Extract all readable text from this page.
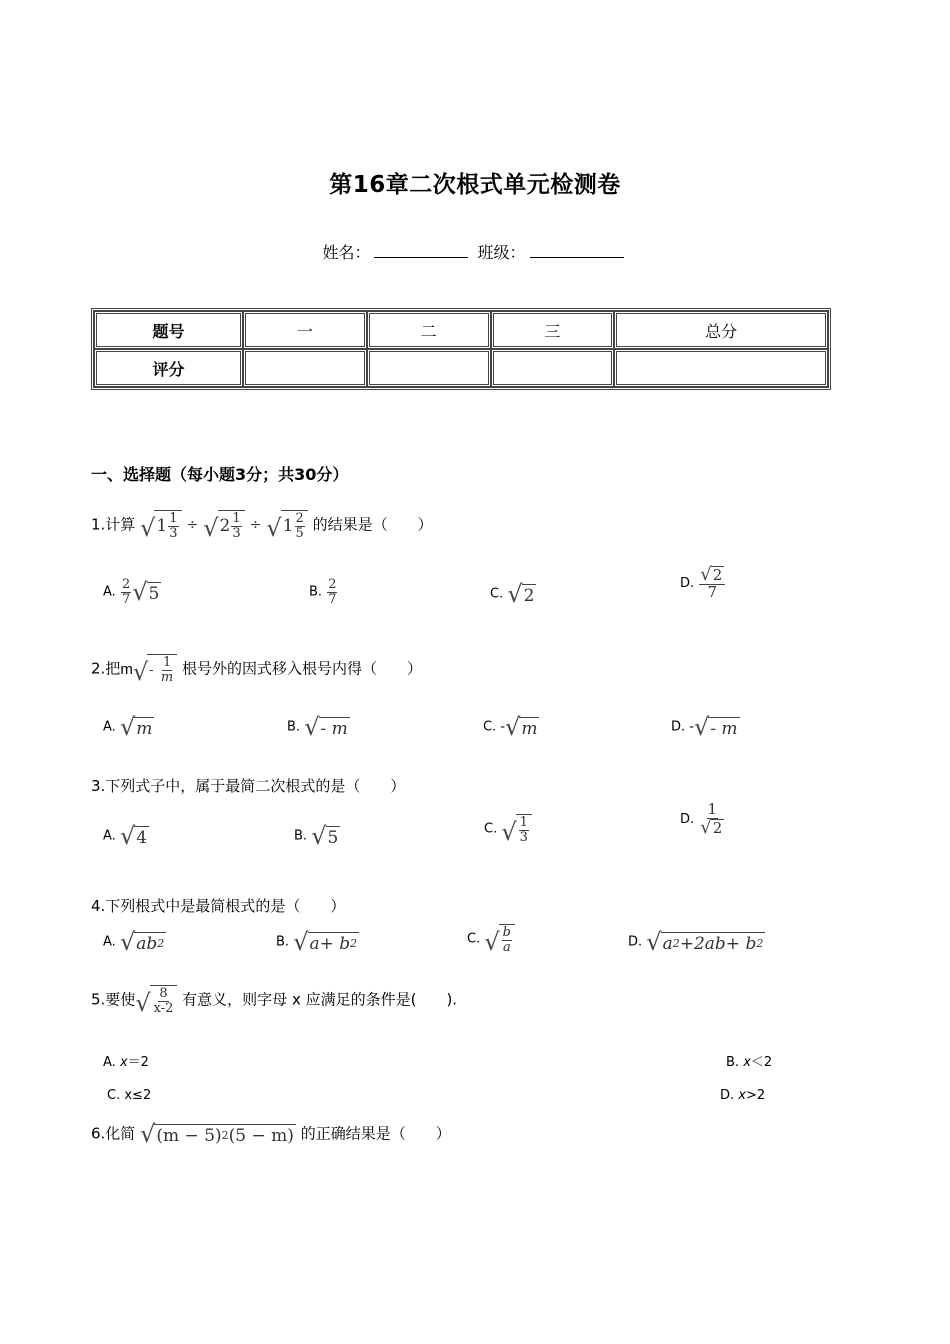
第16章二次根式单元检测卷
姓名：	班级：
题号	一	二	三	总分
评分				
一、选择题（每小题3分；共30分）
1.计算 √ $1 \frac{1}{3}$ ÷ √ $2 \frac{1}{3}$ ÷ √ $1 \frac{2}{5}$ 的结果是（　　）
A. $\frac{2}{7}$ √ 5	B. $\frac{2}{7}$	C. √ 2
D. $\frac{√ 2}{7}$
2.把 m √ -
$\frac{1}{m}$ 根号外的因式移入根号内得（　　）
A. √ m	B. √ - m	C. - √ m	D. - √ - m
3.下列式子中，属于最简二次根式的是（　　）
A. √ 4	B. √ 5	C. √ $\frac{1}{3}$	D. $\frac{1}{√ 2}$
4.下列根式中是最简根式的是（　　）
A. √ ab 2	B. √ a+ b 2	C. √ $\frac{b}{a}$	D. √ a 2 +2ab+ b 2
5.要使 √ $\frac{8}{x-2}$ 有意义，则字母 x 应满足的条件是(　　).
A. x＝2	B. x＜2
C. x≤2	D. x>2
6.化简 √ (m − 5) 2 (5 − m) 的正确结果是（　　）
